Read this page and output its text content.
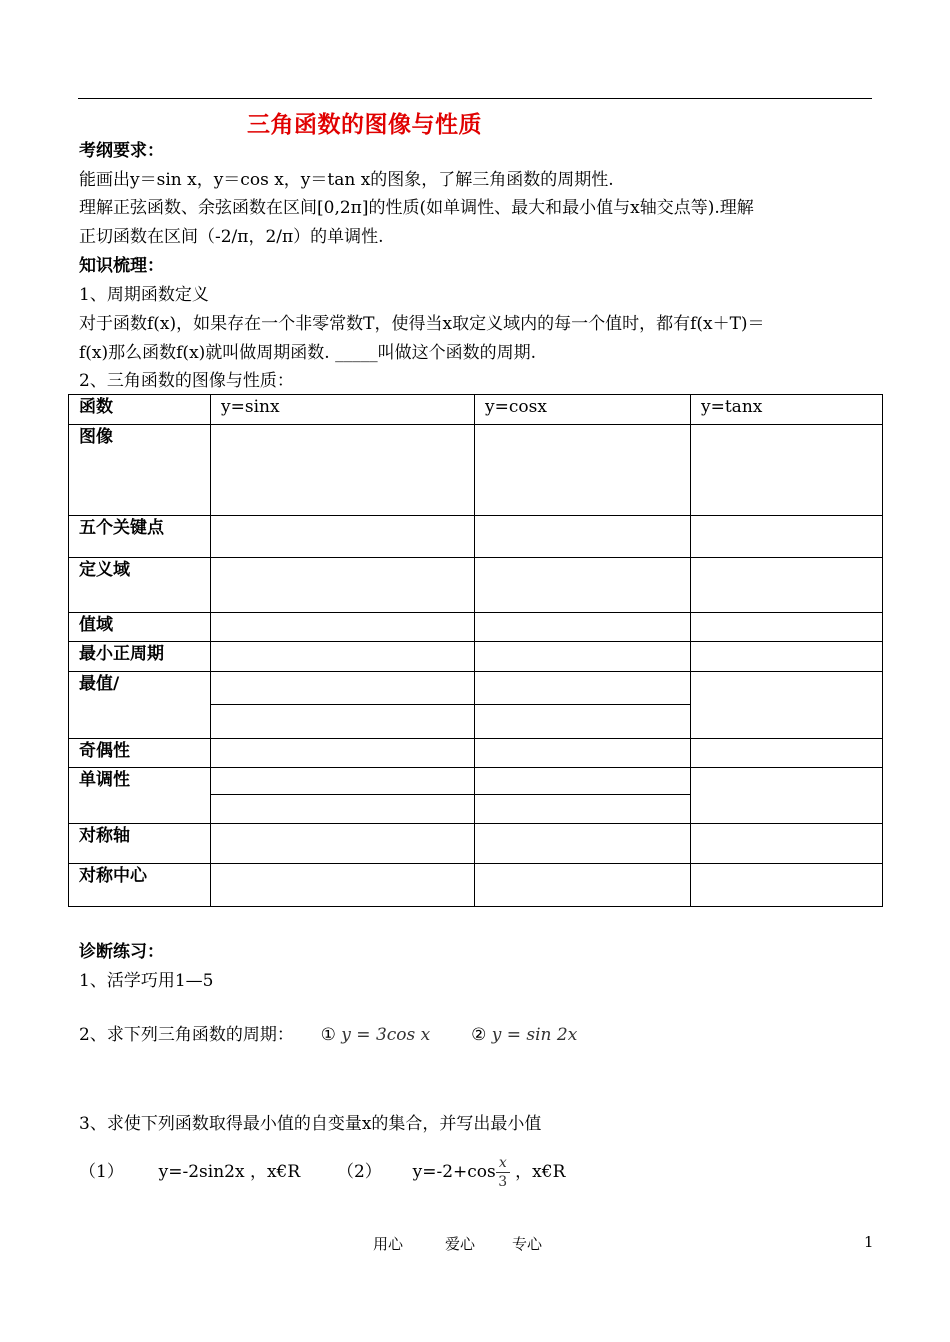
三角函数的图像与性质
考纲要求：
能画出y＝sin x，y＝cos x，y＝tan x的图象，了解三角函数的周期性.
理解正弦函数、余弦函数在区间[0,2π]的性质(如单调性、最大和最小值与x轴交点等).理解
正切函数在区间（-2/π，2/π）的单调性.
知识梳理：
1、周期函数定义
对于函数f(x)，如果存在一个非零常数T，使得当x取定义域内的每一个值时，都有f(x＋T)＝
f(x)那么函数f(x)就叫做周期函数. _____叫做这个函数的周期.
2、三角函数的图像与性质：
函数	y=sinx	y=cosx	y=tanx
图像			
五个关键点			
定义域			
值域			
最小正周期			
最值/	

奇偶性			
单调性	

对称轴			
对称中心			
诊断练习：
1、活学巧用1—5
2、求下列三角函数的周期： ① y = 3cos x ② y = sin 2x
3、求使下列函数取得最小值的自变量x的集合，并写出最小值
（1） y=-2sin2x ，x€R （2） $y=-2+\cos \frac{x}{3}$ ，x€R
用心	爱心 专心	1
